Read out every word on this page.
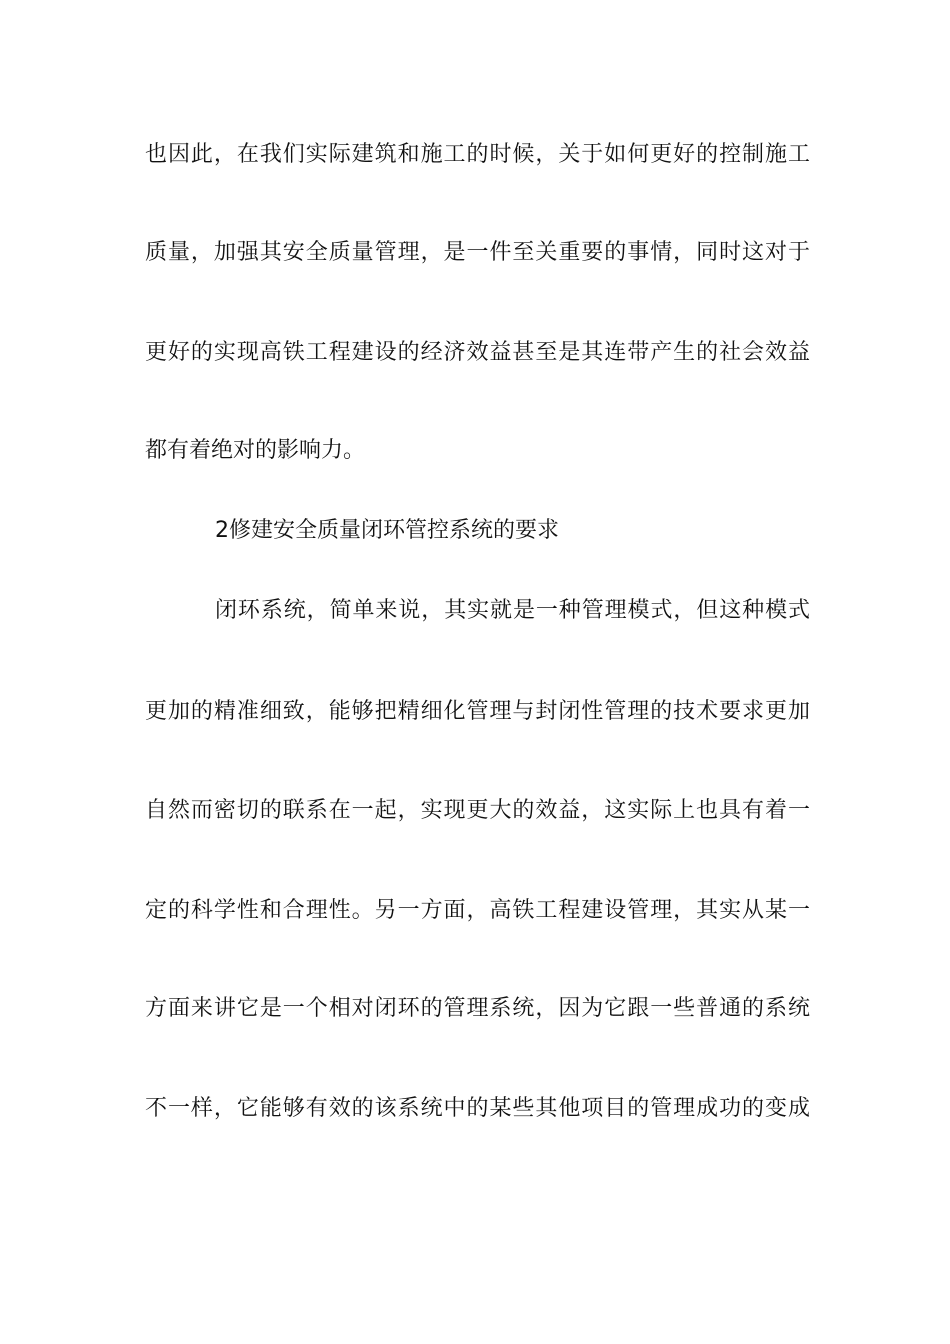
也因此，在我们实际建筑和施工的时候，关于如何更好的控制施工
质量，加强其安全质量管理，是一件至关重要的事情，同时这对于
更好的实现高铁工程建设的经济效益甚至是其连带产生的社会效益
都有着绝对的影响力。
2修建安全质量闭环管控系统的要求
闭环系统，简单来说，其实就是一种管理模式，但这种模式
更加的精准细致，能够把精细化管理与封闭性管理的技术要求更加
自然而密切的联系在一起，实现更大的效益，这实际上也具有着一
定的科学性和合理性。另一方面，高铁工程建设管理，其实从某一
方面来讲它是一个相对闭环的管理系统，因为它跟一些普通的系统
不一样，它能够有效的该系统中的某些其他项目的管理成功的变成
